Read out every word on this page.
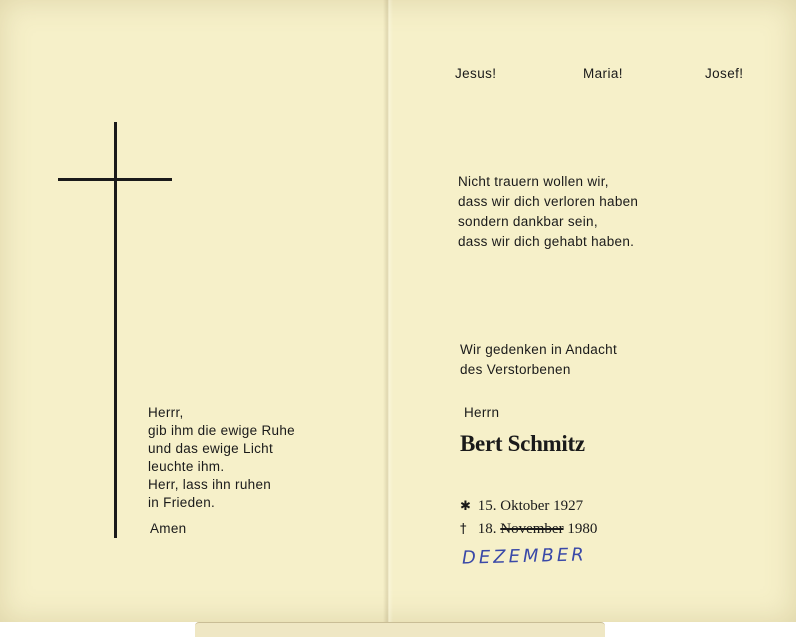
Herrr,
gib ihm die ewige Ruhe
und das ewige Licht
leuchte ihm.
Herr, lass ihn ruhen
in Frieden.
Amen
Jesus!	Maria!	Josef!
Nicht trauern wollen wir,
dass wir dich verloren haben
sondern dankbar sein,
dass wir dich gehabt haben.
Wir gedenken in Andacht
des Verstorbenen
Herrn
Bert Schmitz
✱ 15. Oktober 1927
† 18. November 1980
DEZEMBER
